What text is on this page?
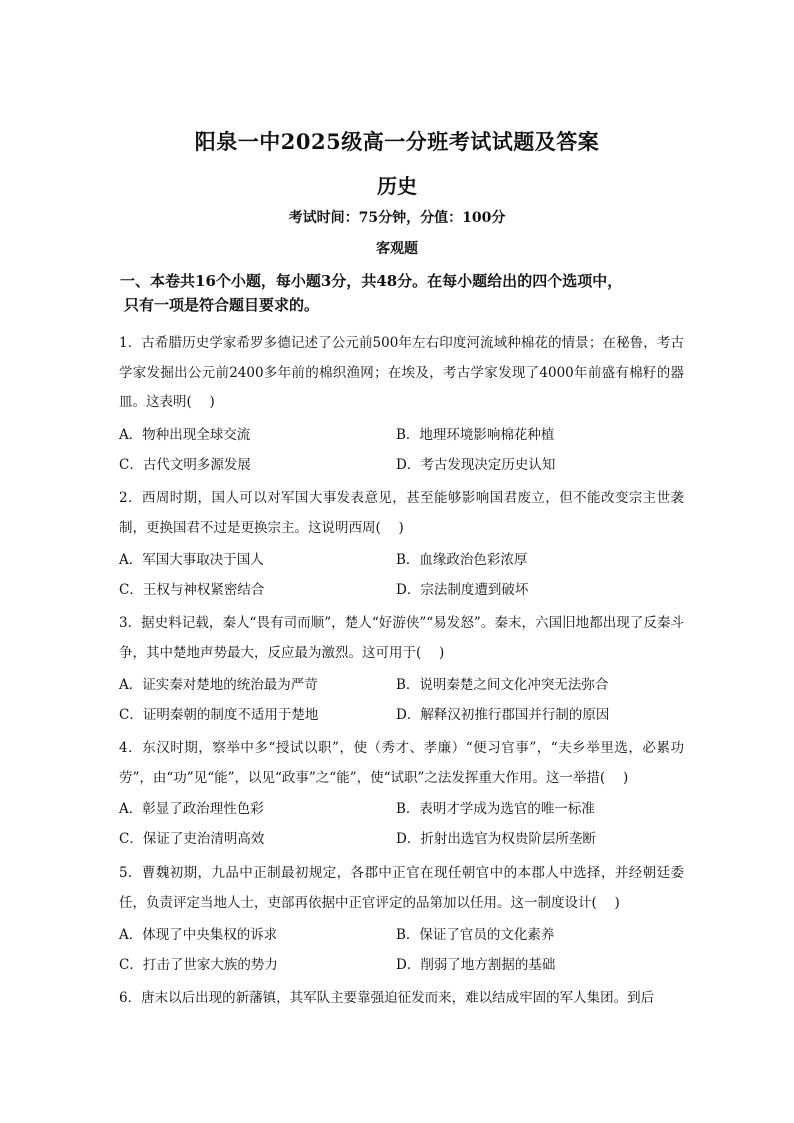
阳泉一中2025级高一分班考试试题及答案
历史
考试时间：75分钟，分值：100分
客观题
一、本卷共16个小题，每小题3分，共48分。在每小题给出的四个选项中，
只有一项是符合题目要求的。
1．古希腊历史学家希罗多德记述了公元前500年左右印度河流域种棉花的情景；在秘鲁，考古学家发掘出公元前2400多年前的棉织渔网；在埃及，考古学家发现了4000年前盛有棉籽的器皿。这表明(　 )
A．物种出现全球交流	B．地理环境影响棉花种植
C．古代文明多源发展	D．考古发现决定历史认知
2．西周时期，国人可以对军国大事发表意见，甚至能够影响国君废立，但不能改变宗主世袭制，更换国君不过是更换宗主。这说明西周(　 )
A．军国大事取决于国人	B．血缘政治色彩浓厚
C．王权与神权紧密结合	D．宗法制度遭到破坏
3．据史料记载，秦人“畏有司而顺”，楚人“好游侠”“易发怒”。秦末，六国旧地都出现了反秦斗争，其中楚地声势最大，反应最为激烈。这可用于(　 )
A．证实秦对楚地的统治最为严苛	B．说明秦楚之间文化冲突无法弥合
C．证明秦朝的制度不适用于楚地	D．解释汉初推行郡国并行制的原因
4．东汉时期，察举中多“授试以职”，使（秀才、孝廉）“便习官事”，“夫乡举里选，必累功劳”，由“功”见“能”，以见“政事”之“能”，使“试职”之法发挥重大作用。这一举措(　 )
A．彰显了政治理性色彩	B．表明才学成为选官的唯一标准
C．保证了吏治清明高效	D．折射出选官为权贵阶层所垄断
5．曹魏初期，九品中正制最初规定，各郡中正官在现任朝官中的本郡人中选择，并经朝廷委任，负责评定当地人士，吏部再依据中正官评定的品第加以任用。这一制度设计(　 )
A．体现了中央集权的诉求	B．保证了官员的文化素养
C．打击了世家大族的势力	D．削弱了地方割据的基础
6．唐末以后出现的新藩镇，其军队主要靠强迫征发而来，难以结成牢固的军人集团。到后
